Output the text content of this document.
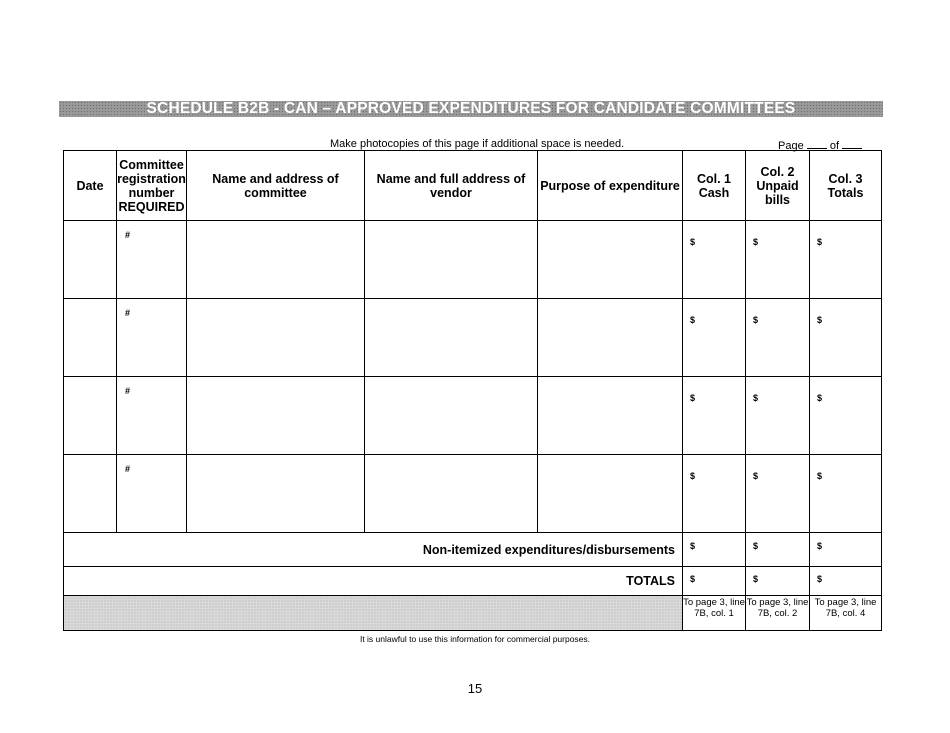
SCHEDULE B2B - CAN – APPROVED EXPENDITURES FOR CANDIDATE COMMITTEES
Make photocopies of this page if additional space is needed.	Page of
Date	Committee registration number REQUIRED	Name and address of committee	Name and full address of vendor	Purpose of expenditure	Col. 1 Cash	Col. 2 Unpaid bills	Col. 3 Totals
	#				$	$	$
	#				$	$	$
	#				$	$	$
	#				$	$	$
Non-itemized expenditures/disbursements					$	$	$
TOTALS					$	$	$
					To page 3, line 7B, col. 1	To page 3, line 7B, col. 2	To page 3, line 7B, col. 4
It is unlawful to use this information for commercial purposes.
15
